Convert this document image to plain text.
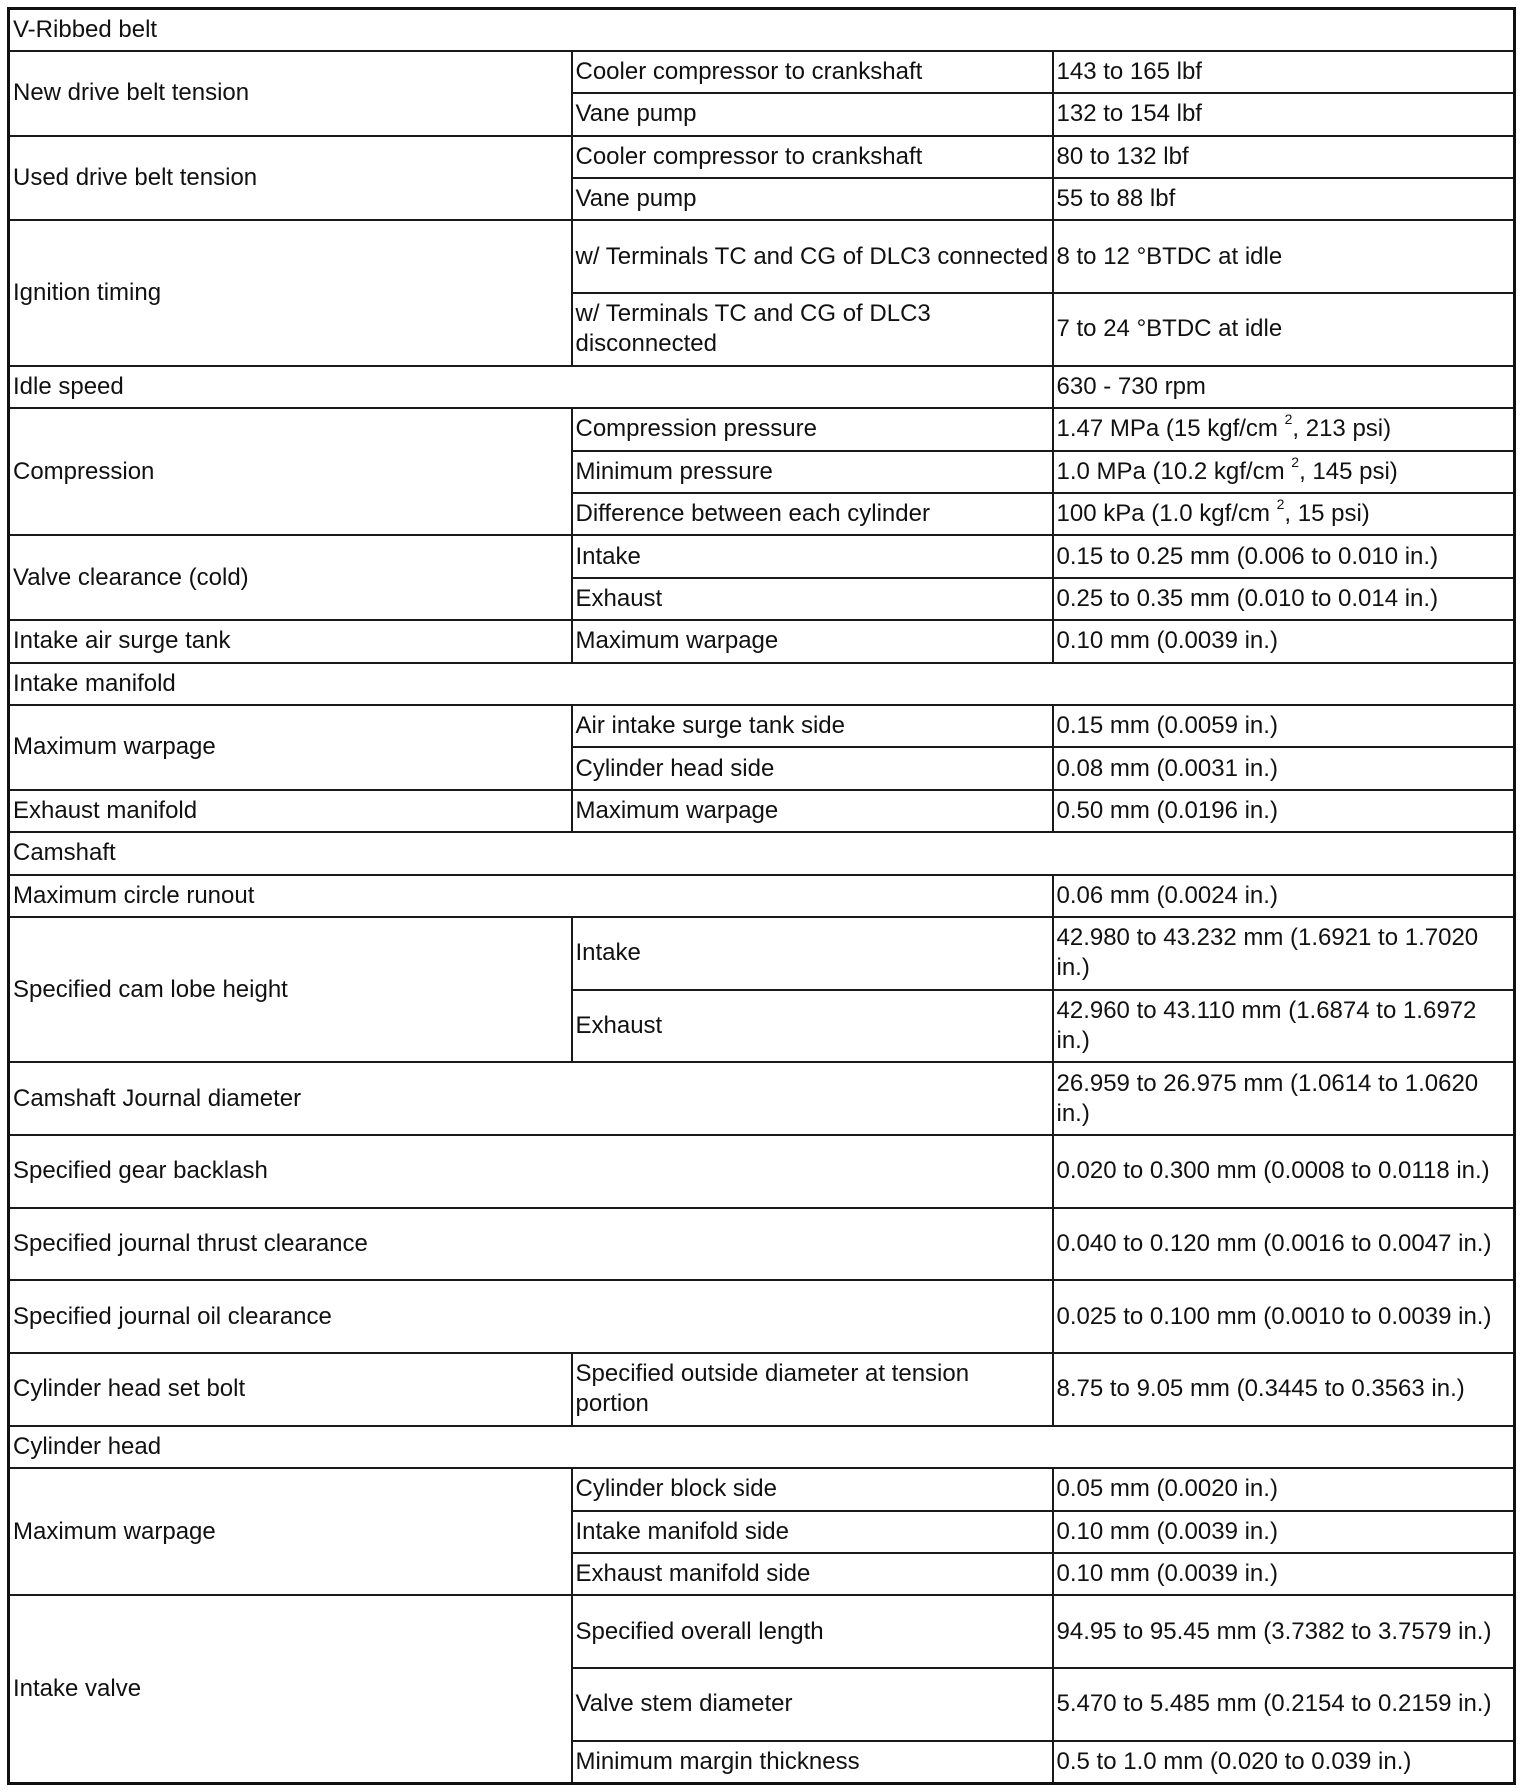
V-Ribbed belt		
New drive belt tension	Cooler compressor to crankshaft	143 to 165 lbf
	Vane pump	132 to 154 lbf
Used drive belt tension	Cooler compressor to crankshaft	80 to 132 lbf
	Vane pump	55 to 88 lbf
Ignition timing	w/ Terminals TC and CG of DLC3 connected	8 to 12 °BTDC at idle
	w/ Terminals TC and CG of DLC3 disconnected	7 to 24 °BTDC at idle
Idle speed		630 - 730 rpm
Compression	Compression pressure	1.47 MPa (15 kgf/cm $^2$, 213 psi)
	Minimum pressure	1.0 MPa (10.2 kgf/cm $^2$, 145 psi)
	Difference between each cylinder	100 kPa (1.0 kgf/cm $^2$, 15 psi)
Valve clearance (cold)	Intake	0.15 to 0.25 mm (0.006 to 0.010 in.)
	Exhaust	0.25 to 0.35 mm (0.010 to 0.014 in.)
Intake air surge tank	Maximum warpage	0.10 mm (0.0039 in.)
Intake manifold		
Maximum warpage	Air intake surge tank side	0.15 mm (0.0059 in.)
	Cylinder head side	0.08 mm (0.0031 in.)
Exhaust manifold	Maximum warpage	0.50 mm (0.0196 in.)
Camshaft		
Maximum circle runout		0.06 mm (0.0024 in.)
Specified cam lobe height	Intake	42.980 to 43.232 mm (1.6921 to 1.7020 in.)
	Exhaust	42.960 to 43.110 mm (1.6874 to 1.6972 in.)
Camshaft Journal diameter		26.959 to 26.975 mm (1.0614 to 1.0620 in.)
Specified gear backlash		0.020 to 0.300 mm (0.0008 to 0.0118 in.)
Specified journal thrust clearance		0.040 to 0.120 mm (0.0016 to 0.0047 in.)
Specified journal oil clearance		0.025 to 0.100 mm (0.0010 to 0.0039 in.)
Cylinder head set bolt	Specified outside diameter at tension portion	8.75 to 9.05 mm (0.3445 to 0.3563 in.)
Cylinder head		
Maximum warpage	Cylinder block side	0.05 mm (0.0020 in.)
	Intake manifold side	0.10 mm (0.0039 in.)
	Exhaust manifold side	0.10 mm (0.0039 in.)
Intake valve	Specified overall length	94.95 to 95.45 mm (3.7382 to 3.7579 in.)
	Valve stem diameter	5.470 to 5.485 mm (0.2154 to 0.2159 in.)
	Minimum margin thickness	0.5 to 1.0 mm (0.020 to 0.039 in.)
